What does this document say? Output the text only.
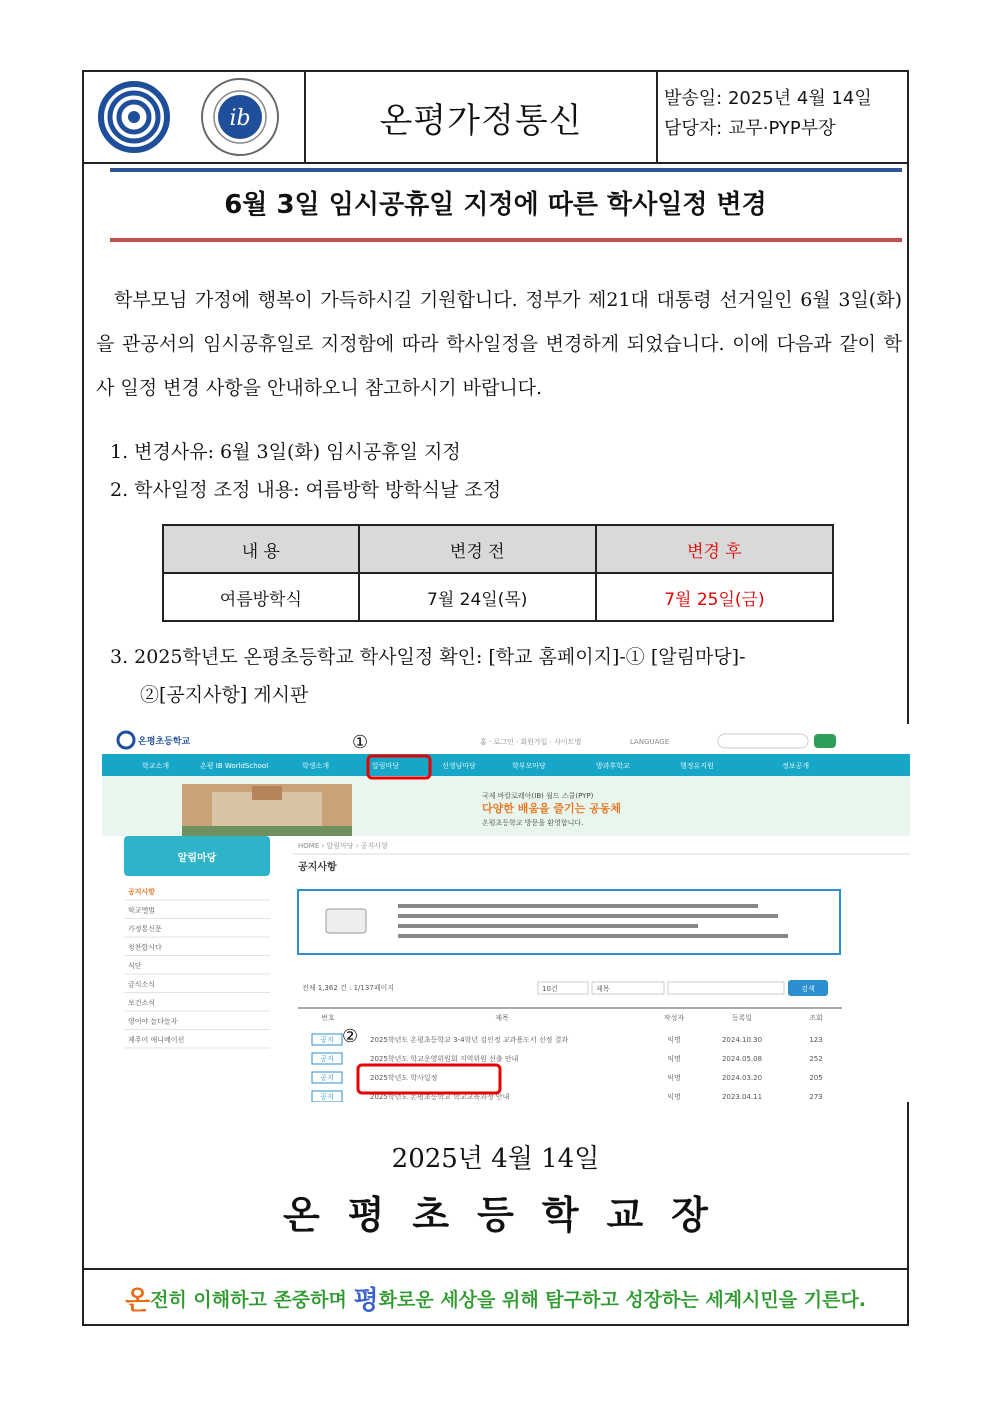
ib	온평가정통신
발송일: 2025년 4월 14일
담당자: 교무·PYP부장
6월 3일 임시공휴일 지정에 따른 학사일정 변경
학부모님 가정에 행복이 가득하시길 기원합니다. 정부가 제21대 대통령 선거일인 6월 3일(화)을 관공서의 임시공휴일로 지정함에 따라 학사일정을 변경하게 되었습니다. 이에 다음과 같이 학사 일정 변경 사항을 안내하오니 참고하시기 바랍니다.
1. 변경사유: 6월 3일(화) 임시공휴일 지정
2. 학사일정 조정 내용: 여름방학 방학식날 조정
내 용	변경 전	변경 후
여름방학식	7월 24일(목)	7월 25일(금)
3. 2025학년도 온평초등학교 학사일정 확인: [학교 홈페이지]-① [알림마당]-
②[공지사항] 게시판
온평초등학교	홈 · 로그인 · 회원가입 · 사이트맵	LANGUAGE
학교소개	온평 IB WorldSchool	학생소개	알림마당	선생님마당	학부모마당	방과후학교	행정유지원	정보공개
국제 바칼로레아(IB) 월드 스쿨(PYP)
다양한 배움을 즐기는 공동체
온평초등학교 방문을 환영합니다.
알림마당
공지사항
학교앨범
가정통신문
칭찬합시다
식단
급식소식
보건소식
영어야 놀다놀자
제주어 애니메이션
HOME › 알림마당 › 공지사항
공지사항
전체 1,362 건 : 1/137페이지	10건	제목	검색
번호	제목	작성자	등록일	조회
공지	2025학년도 온평초등학교 3-4학년 검인정 교과용도서 선정 결과	익명	2024.10.30	123
공지	2025학년도 학교운영위원회 지역위원 선출 안내	익명	2024.05.08	252
공지	2025학년도 학사일정	익명	2024.03.20	205
공지	2025학년도 온평초등학교 학교교육과정 안내	익명	2023.04.11	273
①
②
2025년 4월 14일
온평초등학교장
온 전히 이해하고 존중하며 평 화로운 세상을 위해 탐구하고 성장하는 세계시민을 기른다.
